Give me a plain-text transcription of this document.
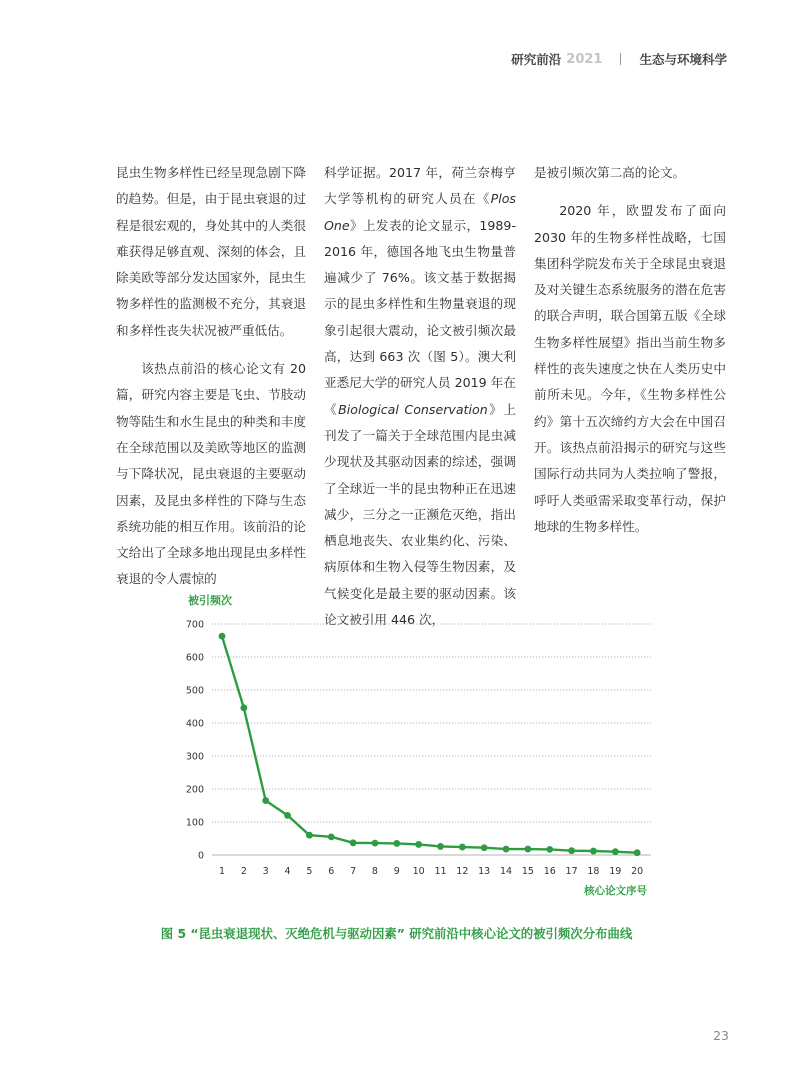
研究前沿 2021	生态与环境科学

昆虫生物多样性已经呈现急剧下降的趋势。但是，由于昆虫衰退的过程是很宏观的，身处其中的人类很难获得足够直观、深刻的体会，且除美欧等部分发达国家外，昆虫生物多样性的监测极不充分，其衰退和多样性丧失状况被严重低估。

该热点前沿的核心论文有 20 篇，研究内容主要是飞虫、节肢动物等陆生和水生昆虫的种类和丰度在全球范围以及美欧等地区的监测与下降状况，昆虫衰退的主要驱动因素，及昆虫多样性的下降与生态系统功能的相互作用。该前沿的论文给出了全球多地出现昆虫多样性衰退的令人震惊的

科学证据。2017 年，荷兰奈梅亨大学等机构的研究人员在《Plos One》上发表的论文显示，1989-2016 年，德国各地飞虫生物量普遍减少了 76%。该文基于数据揭示的昆虫多样性和生物量衰退的现象引起很大震动，论文被引频次最高，达到 663 次（图 5）。澳大利亚悉尼大学的研究人员 2019 年在《Biological Conservation》上刊发了一篇关于全球范围内昆虫减少现状及其驱动因素的综述，强调了全球近一半的昆虫物种正在迅速减少，三分之一正濒危灭绝，指出栖息地丧失、农业集约化、污染、病原体和生物入侵等生物因素，及气候变化是最主要的驱动因素。该论文被引用 446 次，

是被引频次第二高的论文。

2020 年，欧盟发布了面向 2030 年的生物多样性战略，七国集团科学院发布关于全球昆虫衰退及对关键生态系统服务的潜在危害的联合声明，联合国第五版《全球生物多样性展望》指出当前生物多样性的丧失速度之快在人类历史中前所未见。今年，《生物多样性公约》第十五次缔约方大会在中国召开。该热点前沿揭示的研究与这些国际行动共同为人类拉响了警报，呼吁人类亟需采取变革行动，保护地球的生物多样性。

被引频次
0
100
200
300
400
500
600
700
1 2 3 4 5 6 7 8 9 10 11 12 13 14 15 16 17 18 19 20
核心论文序号
图 5 “昆虫衰退现状、灭绝危机与驱动因素” 研究前沿中核心论文的被引频次分布曲线
23
